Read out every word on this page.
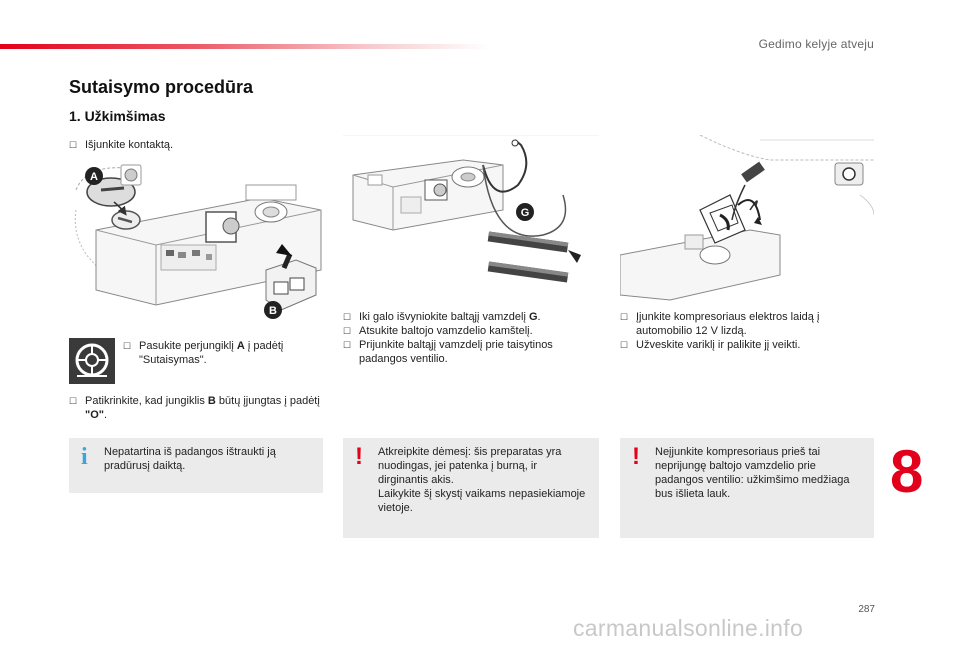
Gedimo kelyje atveju
Sutaisymo procedūra
1. Užkimšimas
☐ Išjunkite kontaktą.
A
B
☐ Pasukite perjungiklį A į padėtį "Sutaisymas".
☐ Patikrinkite, kad jungiklis B būtų įjungtas į padėtį "O".
i Nepatartina iš padangos ištraukti ją pradūrusį daiktą.
G
☐ Iki galo išvyniokite baltąjį vamzdelį G.
☐ Atsukite baltojo vamzdelio kamštelį.
☐ Prijunkite baltąjį vamzdelį prie taisytinos padangos ventilio.
! Atkreipkite dėmesį: šis preparatas yra nuodingas, jei patenka į burną, ir dirginantis akis.
Laikykite šį skystį vaikams nepasiekiamoje vietoje.
☐ Įjunkite kompresoriaus elektros laidą į automobilio 12 V lizdą.
☐ Užveskite variklį ir palikite jį veikti.
! Neįjunkite kompresoriaus prieš tai neprijungę baltojo vamzdelio prie padangos ventilio: užkimšimo medžiaga bus išlieta lauk.	8
287
carmanualsonline.info
